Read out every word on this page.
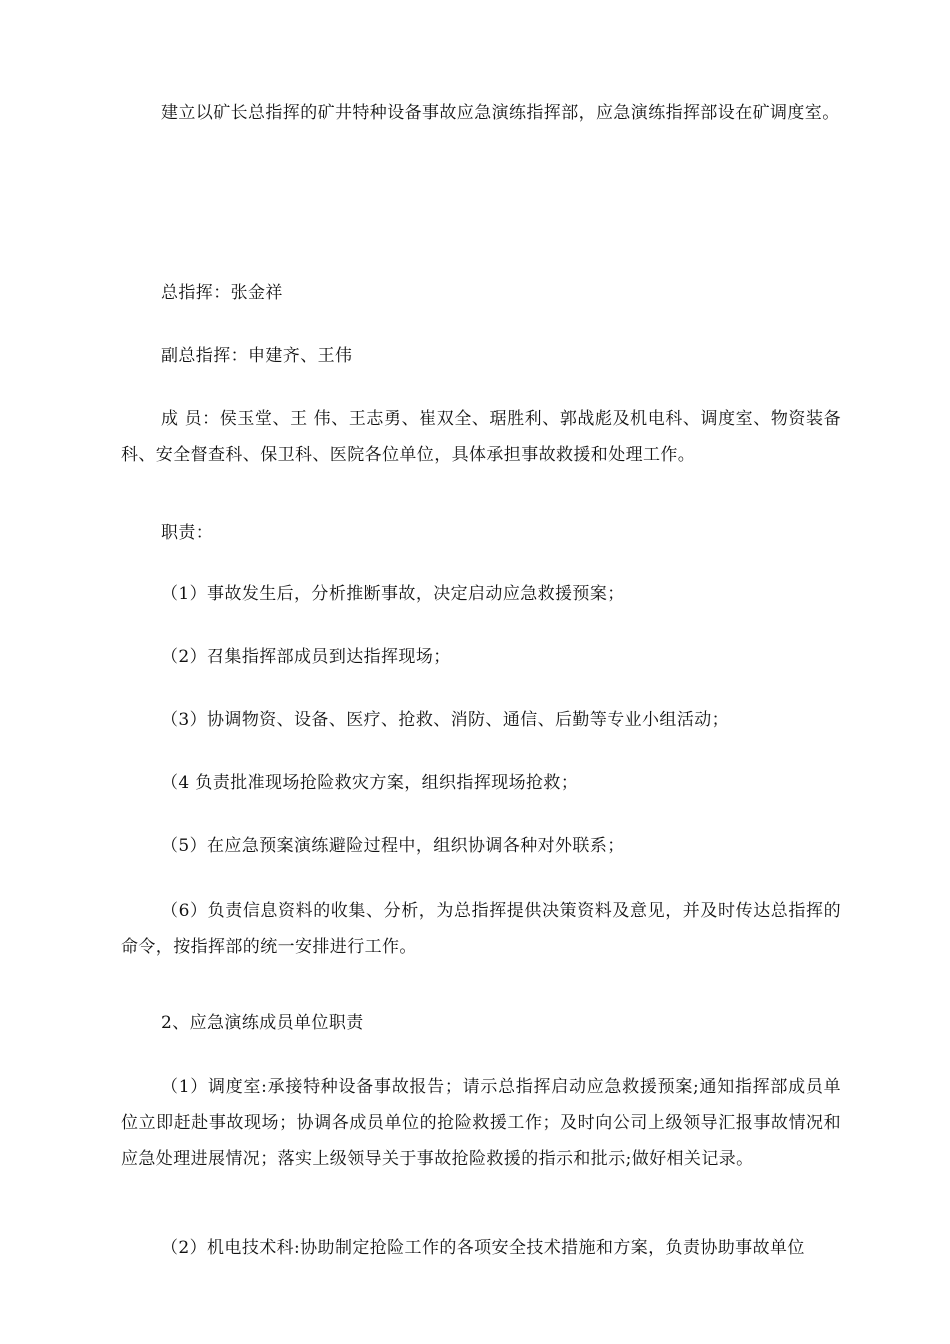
建立以矿长总指挥的矿井特种设备事故应急演练指挥部，应急演练指挥部设在矿调度室。

总指挥：张金祥

副总指挥：申建齐、王伟

成 员：侯玉堂、王 伟、王志勇、崔双全、琚胜利、郭战彪及机电科、调度室、物资装备科、安全督查科、保卫科、医院各位单位，具体承担事故救援和处理工作。

职责：

（1）事故发生后，分析推断事故，决定启动应急救援预案；

（2）召集指挥部成员到达指挥现场；

（3）协调物资、设备、医疗、抢救、消防、通信、后勤等专业小组活动；

（4 负责批准现场抢险救灾方案，组织指挥现场抢救；

（5）在应急预案演练避险过程中，组织协调各种对外联系；

（6）负责信息资料的收集、分析，为总指挥提供决策资料及意见，并及时传达总指挥的命令，按指挥部的统一安排进行工作。

2、应急演练成员单位职责

（1）调度室:承接特种设备事故报告；请示总指挥启动应急救援预案;通知指挥部成员单位立即赶赴事故现场；协调各成员单位的抢险救援工作；及时向公司上级领导汇报事故情况和应急处理进展情况；落实上级领导关于事故抢险救援的指示和批示;做好相关记录。

（2）机电技术科:协助制定抢险工作的各项安全技术措施和方案，负责协助事故单位
